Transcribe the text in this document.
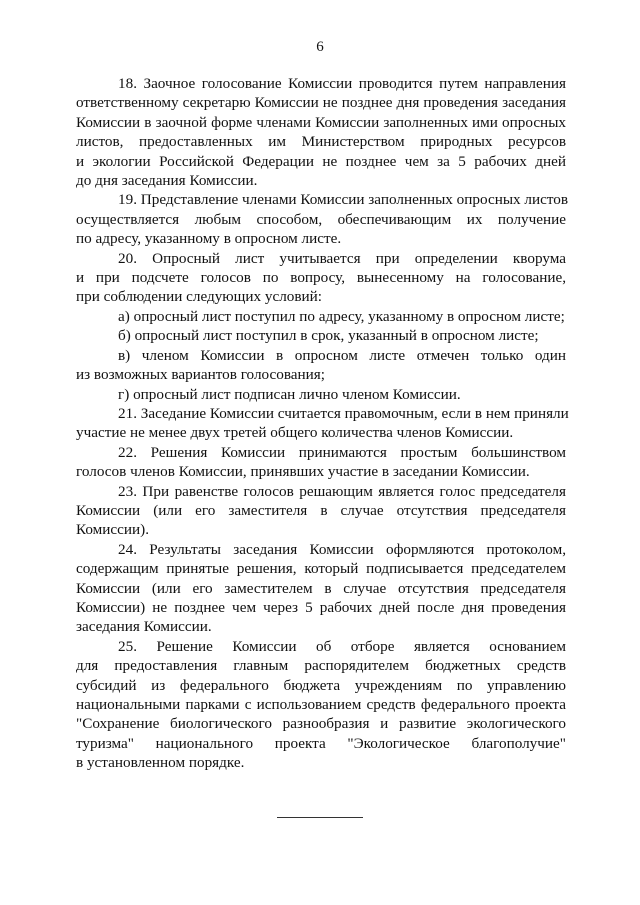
6
18. Заочное голосование Комиссии проводится путем направления
ответственному секретарю Комиссии не позднее дня проведения заседания
Комиссии в заочной форме членами Комиссии заполненных ими опросных
листов, предоставленных им Министерством природных ресурсов
и экологии Российской Федерации не позднее чем за 5 рабочих дней
до дня заседания Комиссии.
19. Представление членами Комиссии заполненных опросных листов
осуществляется любым способом, обеспечивающим их получение
по адресу, указанному в опросном листе.
20. Опросный лист учитывается при определении кворума
и при подсчете голосов по вопросу, вынесенному на голосование,
при соблюдении следующих условий:
а) опросный лист поступил по адресу, указанному в опросном листе;
б) опросный лист поступил в срок, указанный в опросном листе;
в) членом Комиссии в опросном листе отмечен только один
из возможных вариантов голосования;
г) опросный лист подписан лично членом Комиссии.
21. Заседание Комиссии считается правомочным, если в нем приняли
участие не менее двух третей общего количества членов Комиссии.
22. Решения Комиссии принимаются простым большинством
голосов членов Комиссии, принявших участие в заседании Комиссии.
23. При равенстве голосов решающим является голос председателя
Комиссии (или его заместителя в случае отсутствия председателя
Комиссии).
24. Результаты заседания Комиссии оформляются протоколом,
содержащим принятые решения, который подписывается председателем
Комиссии (или его заместителем в случае отсутствия председателя
Комиссии) не позднее чем через 5 рабочих дней после дня проведения
заседания Комиссии.
25. Решение Комиссии об отборе является основанием
для предоставления главным распорядителем бюджетных средств
субсидий из федерального бюджета учреждениям по управлению
национальными парками с использованием средств федерального проекта
"Сохранение биологического разнообразия и развитие экологического
туризма" национального проекта "Экологическое благополучие"
в установленном порядке.
